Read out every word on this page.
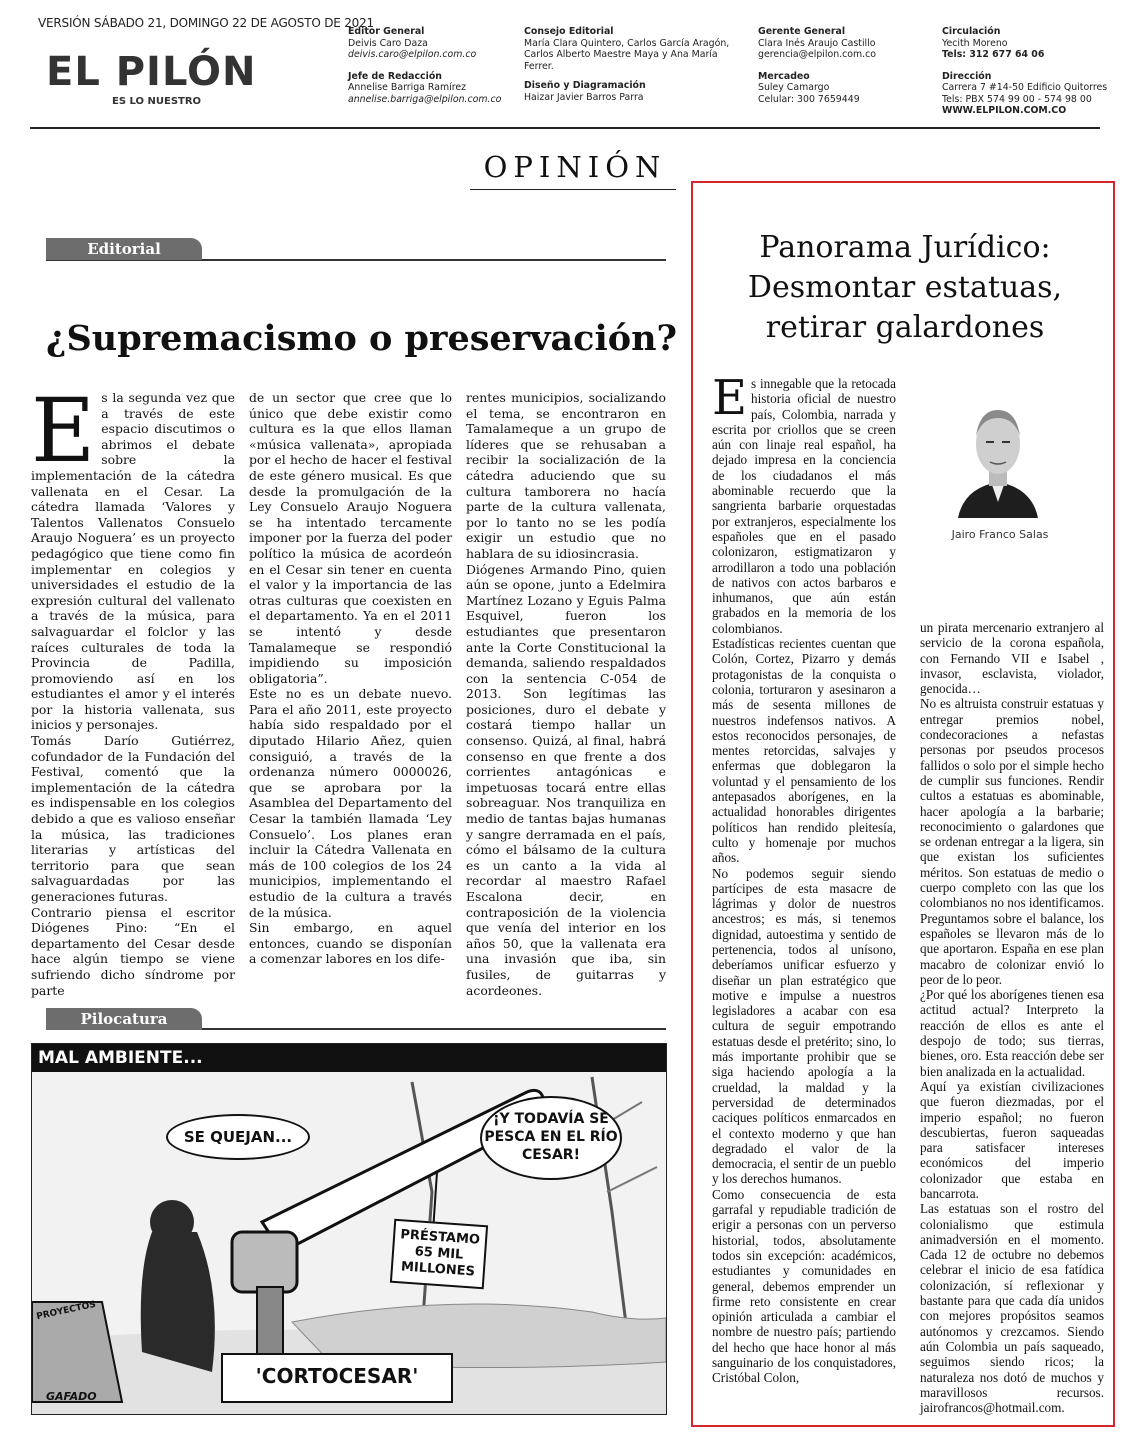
VERSIÓN SÁBADO 21, DOMINGO 22 DE AGOSTO DE 2021
EL PILÓN
ES LO NUESTRO
Editor General
Deivis Caro Daza
deivis.caro@elpilon.com.co
Jefe de Redacción
Annelise Barriga Ramírez
annelise.barriga@elpilon.com.co
Consejo Editorial
María Clara Quintero, Carlos García Aragón, Carlos Alberto Maestre Maya y Ana María Ferrer.
Diseño y Diagramación
Haizar Javier Barros Parra
Gerente General
Clara Inés Araujo Castillo
gerencia@elpilon.com.co
Mercadeo
Suley Camargo
Celular: 300 7659449
Circulación
Yecith Moreno
Tels: 312 677 64 06
Dirección
Carrera 7 #14-50 Edificio Quitorres
Tels: PBX 574 99 00 - 574 98 00
WWW.ELPILON.COM.CO
OPINIÓN
Editorial
¿Supremacismo o preservación?
E s la segunda vez que a través de este espacio discutimos o abrimos el debate sobre la implementación de la cátedra vallenata en el Cesar. La cátedra llamada ‘Valores y Talentos Vallenatos Consuelo Araujo Noguera’ es un proyecto pedagógico que tiene como fin implementar en colegios y universidades el estudio de la expresión cultural del vallenato a través de la música, para salvaguardar el folclor y las raíces culturales de toda la Provincia de Padilla, promoviendo así en los estudiantes el amor y el interés por la historia vallenata, sus inicios y personajes.

Tomás Darío Gutiérrez, cofundador de la Fundación del Festival, comentó que la implementación de la cátedra es indispensable en los colegios debido a que es valioso enseñar la música, las tradiciones literarias y artísticas del territorio para que sean salvaguardadas por las generaciones futuras.

Contrario piensa el escritor Diógenes Pino: “En el departamento del Cesar desde hace algún tiempo se viene sufriendo dicho síndrome por parte

de un sector que cree que lo único que debe existir como cultura es la que ellos llaman «música vallenata», apropiada por el hecho de hacer el festival de este género musical. Es que desde la promulgación de la Ley Consuelo Araujo Noguera se ha intentado tercamente imponer por la fuerza del poder político la música de acordeón en el Cesar sin tener en cuenta el valor y la importancia de las otras culturas que coexisten en el departamento. Ya en el 2011 se intentó y desde Tamalameque se respondió impidiendo su imposición obligatoria”.

Este no es un debate nuevo. Para el año 2011, este proyecto había sido respaldado por el diputado Hilario Añez, quien consiguió, a través de la ordenanza número 0000026, que se aprobara por la Asamblea del Departamento del Cesar la también llamada ‘Ley Consuelo’. Los planes eran incluir la Cátedra Vallenata en más de 100 colegios de los 24 municipios, implementando el estudio de la cultura a través de la música.

Sin embargo, en aquel entonces, cuando se disponían a comenzar labores en los dife-

rentes municipios, socializando el tema, se encontraron en Tamalameque a un grupo de líderes que se rehusaban a recibir la socialización de la cátedra aduciendo que su cultura tamborera no hacía parte de la cultura vallenata, por lo tanto no se les podía exigir un estudio que no hablara de su idiosincrasia.

Diógenes Armando Pino, quien aún se opone, junto a Edelmira Martínez Lozano y Eguis Palma Esquivel, fueron los estudiantes que presentaron ante la Corte Constitucional la demanda, saliendo respaldados con la sentencia C-054 de 2013. Son legítimas las posiciones, duro el debate y costará tiempo hallar un consenso. Quizá, al final, habrá consenso en que frente a dos corrientes antagónicas e impetuosas tocará entre ellas sobreaguar. Nos tranquiliza en medio de tantas bajas humanas y sangre derramada en el país, cómo el bálsamo de la cultura es un canto a la vida al recordar al maestro Rafael Escalona decir, en contraposición de la violencia que venía del interior en los años 50, que la vallenata era una invasión que iba, sin fusiles, de guitarras y acordeones.

Pilocatura
MAL AMBIENTE...
SE QUEJAN...
¡Y TODAVÍA SE PESCA EN EL RÍO CESAR!
PRÉSTAMO 65 MIL MILLONES
PROYECTOS
'CORTOCESAR'
GAFADO
Panorama Jurídico: Desmontar estatuas, retirar galardones
Jairo Franco Salas
E s innegable que la retocada historia oficial de nuestro país, Colombia, narrada y escrita por criollos que se creen aún con linaje real español, ha dejado impresa en la conciencia de los ciudadanos el más abominable recuerdo que la sangrienta barbarie orquestadas por extranjeros, especialmente los españoles que en el pasado colonizaron, estigmatizaron y arrodillaron a todo una población de nativos con actos barbaros e inhumanos, que aún están grabados en la memoria de los colombianos.

Estadísticas recientes cuentan que Colón, Cortez, Pizarro y demás protagonistas de la conquista o colonia, torturaron y asesinaron a más de sesenta millones de nuestros indefensos nativos. A estos reconocidos personajes, de mentes retorcidas, salvajes y enfermas que doblegaron la voluntad y el pensamiento de los antepasados aborígenes, en la actualidad honorables dirigentes políticos han rendido pleitesía, culto y homenaje por muchos años.

No podemos seguir siendo partícipes de esta masacre de lágrimas y dolor de nuestros ancestros; es más, si tenemos dignidad, autoestima y sentido de pertenencia, todos al unísono, deberíamos unificar esfuerzo y diseñar un plan estratégico que motive e impulse a nuestros legisladores a acabar con esa cultura de seguir empotrando estatuas desde el pretérito; sino, lo más importante prohibir que se siga haciendo apología a la crueldad, la maldad y la perversidad de determinados caciques políticos enmarcados en el contexto moderno y que han degradado el valor de la democracia, el sentir de un pueblo y los derechos humanos.

Como consecuencia de esta garrafal y repudiable tradición de erigir a personas con un perverso historial, todos, absolutamente todos sin excepción: académicos, estudiantes y comunidades en general, debemos emprender un firme reto consistente en crear opinión articulada a cambiar el nombre de nuestro país; partiendo del hecho que hace honor al más sanguinario de los conquistadores, Cristóbal Colon,

un pirata mercenario extranjero al servicio de la corona española, con Fernando VII e Isabel , invasor, esclavista, violador, genocida…

No es altruista construir estatuas y entregar premios nobel, condecoraciones a nefastas personas por pseudos procesos fallidos o solo por el simple hecho de cumplir sus funciones. Rendir cultos a estatuas es abominable, hacer apología a la barbarie; reconocimiento o galardones que se ordenan entregar a la ligera, sin que existan los suficientes méritos. Son estatuas de medio o cuerpo completo con las que los colombianos no nos identificamos. Preguntamos sobre el balance, los españoles se llevaron más de lo que aportaron. España en ese plan macabro de colonizar envió lo peor de lo peor.

¿Por qué los aborígenes tienen esa actitud actual? Interpreto la reacción de ellos es ante el despojo de todo; sus tierras, bienes, oro. Esta reacción debe ser bien analizada en la actualidad.

Aquí ya existían civilizaciones que fueron diezmadas, por el imperio español; no fueron descubiertas, fueron saqueadas para satisfacer intereses económicos del imperio colonizador que estaba en bancarrota.

Las estatuas son el rostro del colonialismo que estimula animadversión en el momento. Cada 12 de octubre no debemos celebrar el inicio de esa fatídica colonización, sí reflexionar y bastante para que cada día unidos con mejores propósitos seamos autónomos y crezcamos. Siendo aún Colombia un país saqueado, seguimos siendo ricos; la naturaleza nos dotó de muchos y maravillosos recursos. jairofrancos@hotmail.com.
